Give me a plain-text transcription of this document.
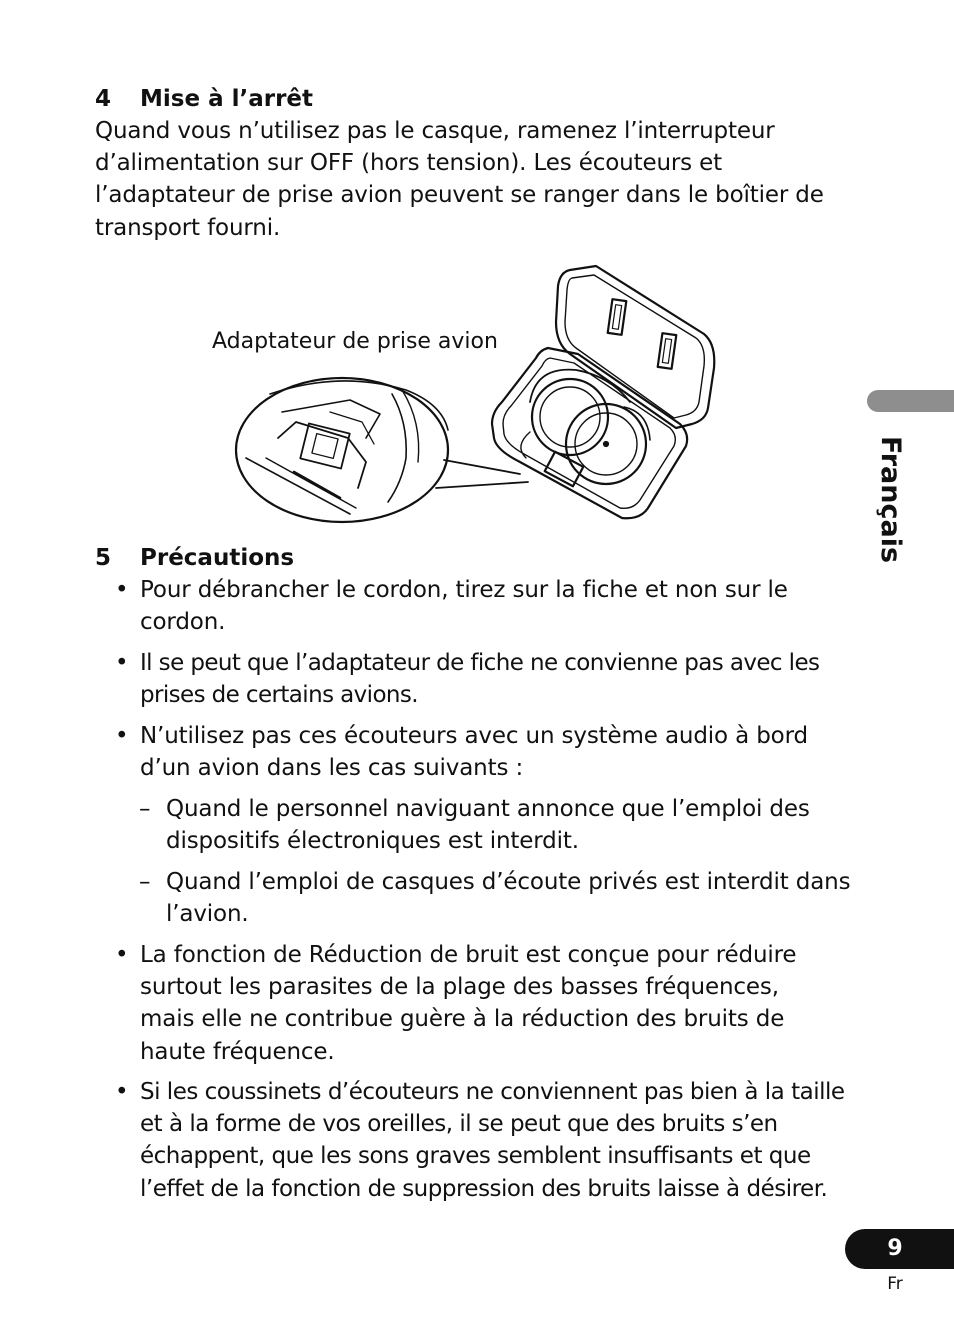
4 Mise à l’arrêt
Quand vous n’utilisez pas le casque, ramenez l’interrupteur d’alimentation sur OFF (hors tension). Les écouteurs et l’adaptateur de prise avion peuvent se ranger dans le boîtier de transport fourni.
Adaptateur de prise avion
5 Précautions
• Pour débrancher le cordon, tirez sur la fiche et non sur le cordon.
• Il se peut que l’adaptateur de fiche ne convienne pas avec les prises de certains avions.
• N’utilisez pas ces écouteurs avec un système audio à bord d’un avion dans les cas suivants :
– Quand le personnel naviguant annonce que l’emploi des dispositifs électroniques est interdit.
– Quand l’emploi de casques d’écoute privés est interdit dans l’avion.
• La fonction de Réduction de bruit est conçue pour réduire surtout les parasites de la plage des basses fréquences, mais elle ne contribue guère à la réduction des bruits de haute fréquence.
• Si les coussinets d’écouteurs ne conviennent pas bien à la taille et à la forme de vos oreilles, il se peut que des bruits s’en échappent, que les sons graves semblent insuffisants et que l’effet de la fonction de suppression des bruits laisse à désirer.
Français
9
Fr
